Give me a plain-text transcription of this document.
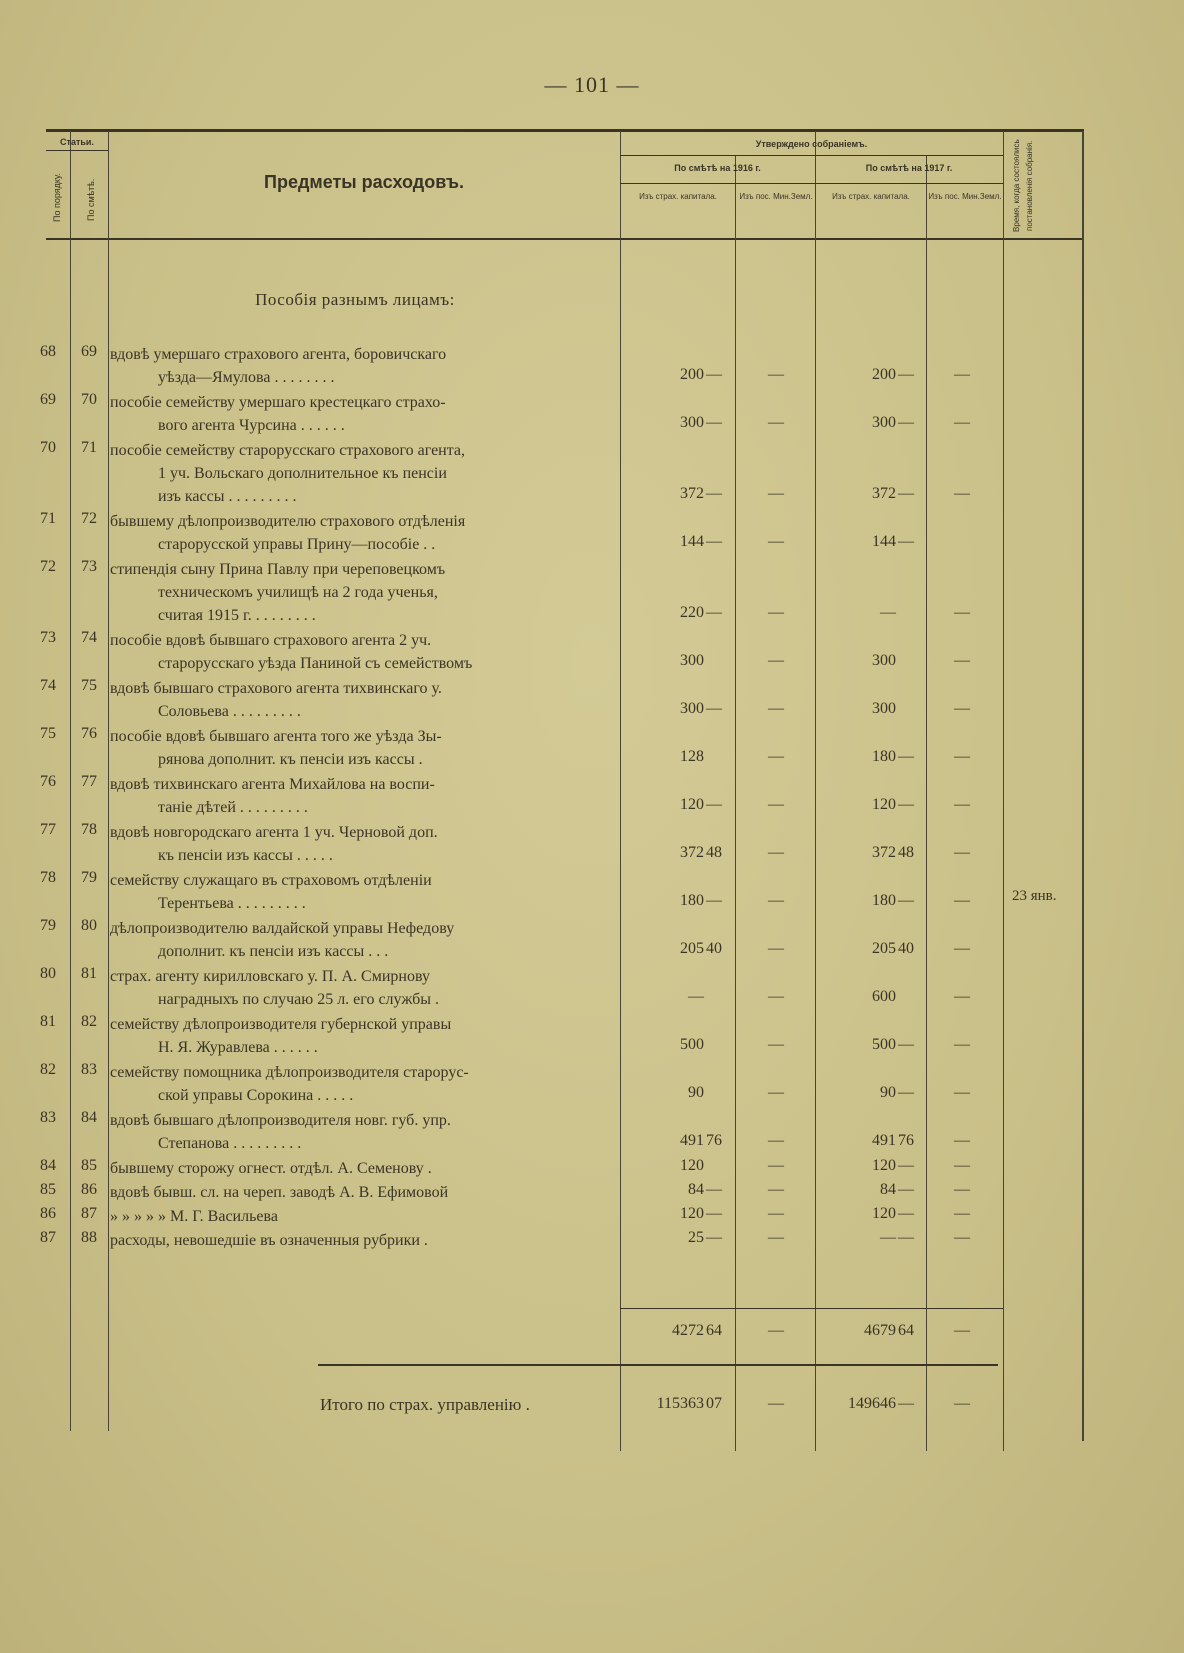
— 101 —
Статьи.
По порядку.	По смѣтѣ.	Предметы расходовъ.
Утверждено собраніемъ.
По смѣтѣ на 1916 г.	По смѣтѣ на 1917 г.
Изъ страх. капитала.	Изъ пос. Мин.Земл.	Изъ страх. капитала.	Изъ пос. Мин.Земл. Время, когда состоялись постановленія собранія.
Пособія разнымъ лицамъ:
68	69 вдовѣ умершаго страхового агента, боровичскаго
уѣзда—Ямулова . . . . . . . .	200 —	—	200 —	—
69	70 пособіе семейству умершаго крестецкаго страхо-
вого агента Чурсина . . . . . .	300 —	—	300 —	—
70	71 пособіе семейству старорусскаго страхового агента,
1 уч. Вольскаго дополнительное къ пенсіи
изъ кассы . . . . . . . . .	372 —	—	372 —	—
71	72 бывшему дѣлопроизводителю страхового отдѣленія
старорусской управы Прину—пособіе . .	144 —	—	144 —
72	73 стипендія сыну Прина Павлу при череповецкомъ
техническомъ училищѣ на 2 года ученья,
считая 1915 г. . . . . . . . .	220 —	—	—	—
73	74 пособіе вдовѣ бывшаго страхового агента 2 уч.
старорусскаго уѣзда Паниной съ семействомъ	300	—	300	—
74	75 вдовѣ бывшаго страхового агента тихвинскаго у.
Соловьева . . . . . . . . .	300 —	—	300	—
75	76 пособіе вдовѣ бывшаго агента того же уѣзда Зы-
рянова дополнит. къ пенсіи изъ кассы .	128	—	180 —	—
76	77 вдовѣ тихвинскаго агента Михайлова на воспи-
таніе дѣтей . . . . . . . . .	120 —	—	120 —	—
77	78 вдовѣ новгородскаго агента 1 уч. Черновой доп.
къ пенсіи изъ кассы . . . . .	372 48	—	372 48	—
78	79 семейству служащаго въ страховомъ отдѣленіи
Терентьева . . . . . . . . .	180 —	—	180 —	—
79	80 дѣлопроизводителю валдайской управы Нефедову
дополнит. къ пенсіи изъ кассы . . .	205 40	—	205 40	—
80	81 страх. агенту кирилловскаго у. П. А. Смирнову
наградныхъ по случаю 25 л. его службы .	—	—	600	—
81	82 семейству дѣлопроизводителя губернской управы
Н. Я. Журавлева . . . . . .	500	—	500 —	—
82	83 семейству помощника дѣлопроизводителя старорус-
ской управы Сорокина . . . . .	90	—	90 —	—
83	84 вдовѣ бывшаго дѣлопроизводителя новг. губ. упр.
Степанова . . . . . . . . .	491 76	—	491 76	—
84	85 бывшему сторожу огнест. отдѣл. А. Семенову .	120	—	120 —	—
85	86 вдовѣ бывш. сл. на череп. заводѣ А. В. Ефимовой	84 —	—	84 —	—
86	87 » » » » » М. Г. Васильева	120 —	—	120 —	—
87	88 расходы, невошедшіе въ означенныя рубрики .	25 —	—	— —	—
23 янв.
4272 64	—	4679 64	—
Итого по страх. управленію .	115363 07	—	149646 —	—
